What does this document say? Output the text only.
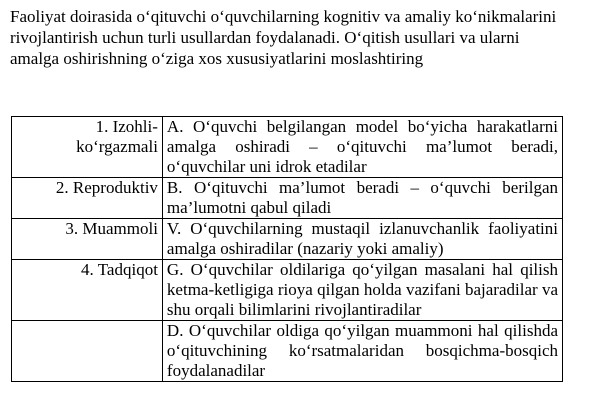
Faoliyat doirasida o‘qituvchi o‘quvchilarning kognitiv va amaliy ko‘nikmalarini rivojlantirish uchun turli usullardan foydalanadi. O‘qitish usullari va ularni amalga oshirishning o‘ziga xos xususiyatlarini moslashtiring

1. Izohli-ko‘rgazmali	A. O‘quvchi belgilangan model bo‘yicha harakatlarni amalga oshiradi – o‘qituvchi ma’lumot beradi, o‘quvchilar uni idrok etadilar
2. Reproduktiv	B. O‘qituvchi ma’lumot beradi – o‘quvchi berilgan ma’lumotni qabul qiladi
3. Muammoli	V. O‘quvchilarning mustaqil izlanuvchanlik faoliyatini amalga oshiradilar (nazariy yoki amaliy)
4. Tadqiqot	G. O‘quvchilar oldilariga qo‘yilgan masalani hal qilish ketma-ketligiga rioya qilgan holda vazifani bajaradilar va shu orqali bilimlarini rivojlantiradilar
	D. O‘quvchilar oldiga qo‘yilgan muammoni hal qilishda o‘qituvchining ko‘rsatmalaridan bosqichma-bosqich foydalanadilar
